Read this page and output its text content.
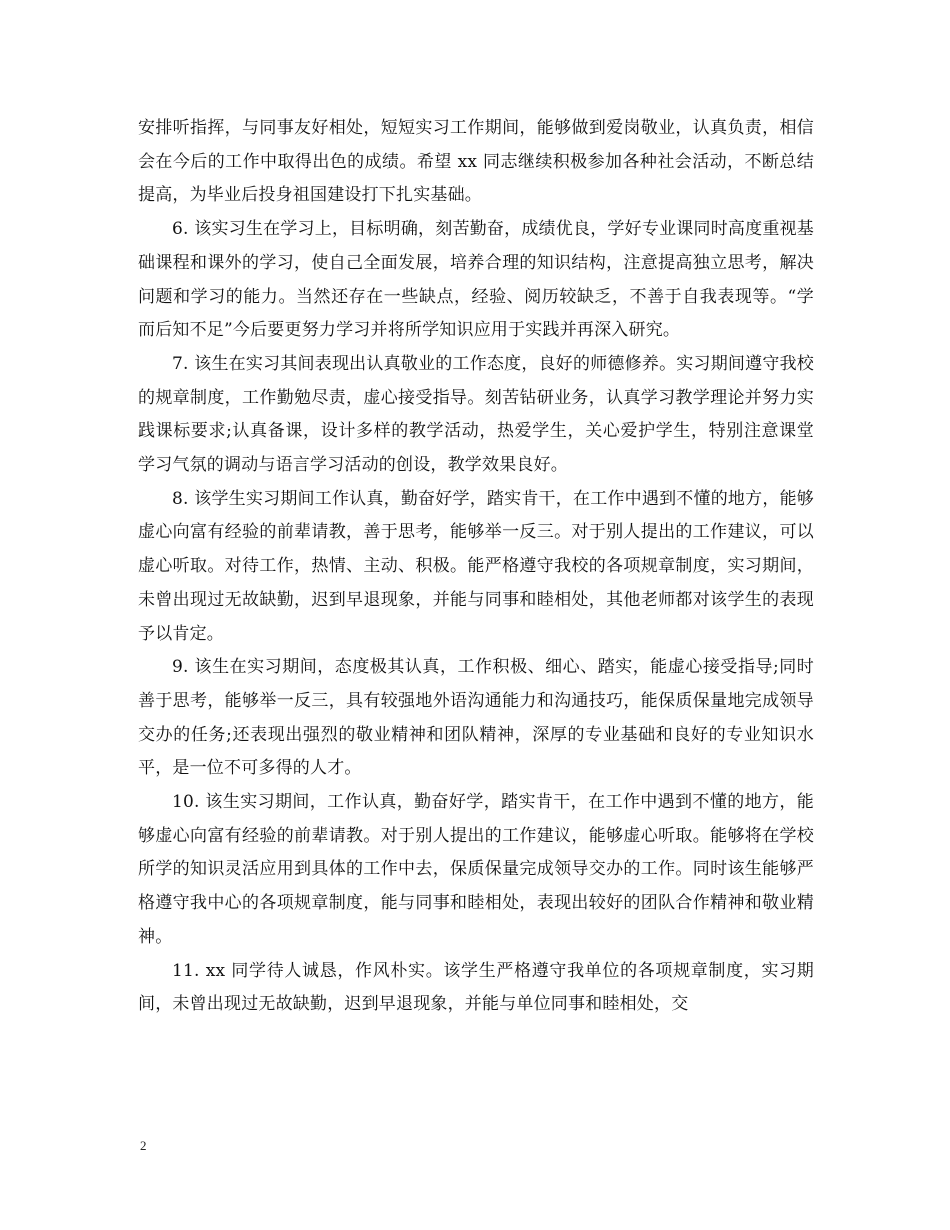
安排听指挥，与同事友好相处，短短实习工作期间，能够做到爱岗敬业，认真负责，相信会在今后的工作中取得出色的成绩。希望 xx 同志继续积极参加各种社会活动，不断总结提高，为毕业后投身祖国建设打下扎实基础。

6. 该实习生在学习上，目标明确，刻苦勤奋，成绩优良，学好专业课同时高度重视基础课程和课外的学习，使自己全面发展，培养合理的知识结构，注意提高独立思考，解决问题和学习的能力。当然还存在一些缺点，经验、阅历较缺乏，不善于自我表现等。“学而后知不足”今后要更努力学习并将所学知识应用于实践并再深入研究。

7. 该生在实习其间表现出认真敬业的工作态度，良好的师德修养。实习期间遵守我校的规章制度，工作勤勉尽责，虚心接受指导。刻苦钻研业务，认真学习教学理论并努力实践课标要求;认真备课，设计多样的教学活动，热爱学生，关心爱护学生，特别注意课堂学习气氛的调动与语言学习活动的创设，教学效果良好。

8. 该学生实习期间工作认真，勤奋好学，踏实肯干，在工作中遇到不懂的地方，能够虚心向富有经验的前辈请教，善于思考，能够举一反三。对于别人提出的工作建议，可以虚心听取。对待工作，热情、主动、积极。能严格遵守我校的各项规章制度，实习期间，未曾出现过无故缺勤，迟到早退现象，并能与同事和睦相处，其他老师都对该学生的表现予以肯定。

9. 该生在实习期间，态度极其认真，工作积极、细心、踏实，能虚心接受指导;同时善于思考，能够举一反三，具有较强地外语沟通能力和沟通技巧，能保质保量地完成领导交办的任务;还表现出强烈的敬业精神和团队精神，深厚的专业基础和良好的专业知识水平，是一位不可多得的人才。

10. 该生实习期间，工作认真，勤奋好学，踏实肯干，在工作中遇到不懂的地方，能够虚心向富有经验的前辈请教。对于别人提出的工作建议，能够虚心听取。能够将在学校所学的知识灵活应用到具体的工作中去，保质保量完成领导交办的工作。同时该生能够严格遵守我中心的各项规章制度，能与同事和睦相处，表现出较好的团队合作精神和敬业精神。

11. xx 同学待人诚恳，作风朴实。该学生严格遵守我单位的各项规章制度，实习期间，未曾出现过无故缺勤，迟到早退现象，并能与单位同事和睦相处，交

2
